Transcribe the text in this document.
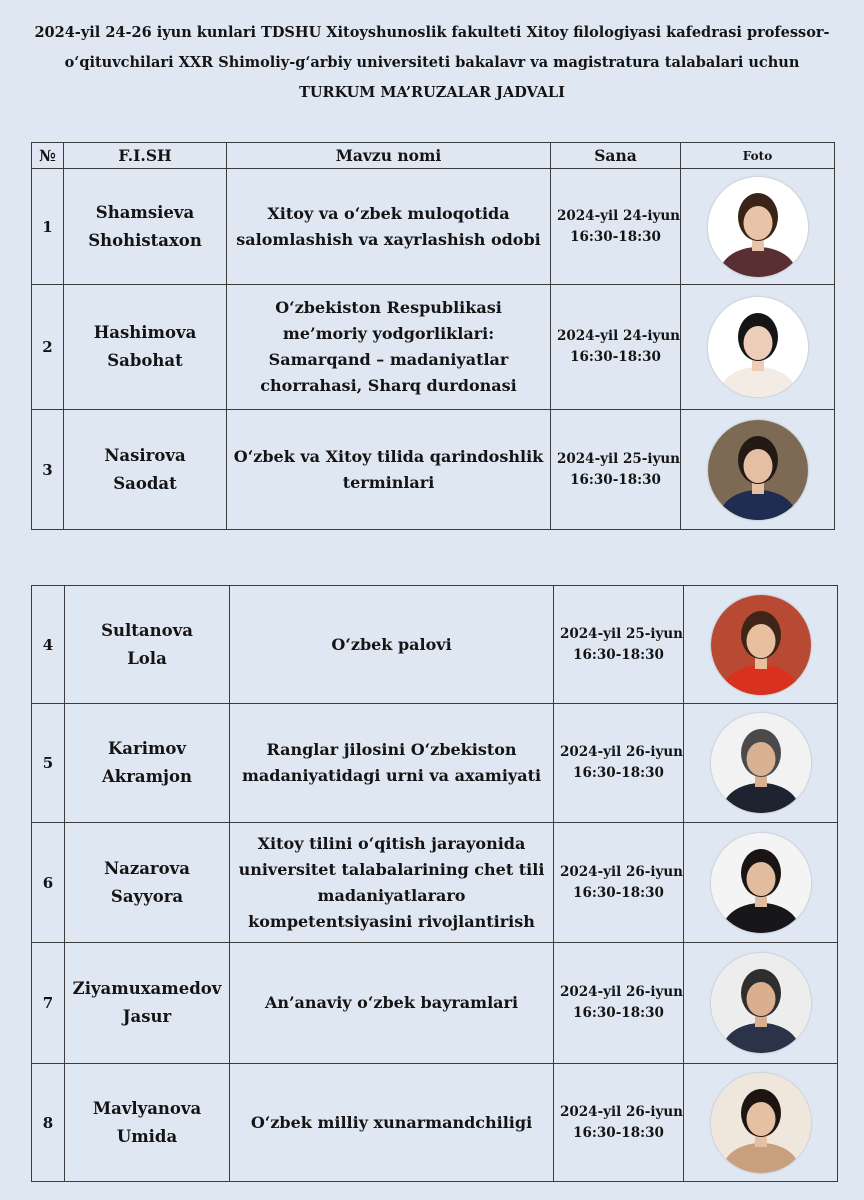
2024-yil 24-26 iyun kunlari TDSHU Xitoyshunoslik fakulteti Xitoy filologiyasi kafedrasi professor-
oʻqituvchilari XXR Shimoliy-gʻarbiy universiteti bakalavr va magistratura talabalari uchun
TURKUM MA’RUZALAR JADVALI
№	F.I.SH	Mavzu nomi	Sana	Foto
1	Shamsieva
Shohistaxon	Xitoy va oʻzbek muloqotida
salomlashish va xayrlashish odobi	2024-yil 24-iyun
16:30-18:30

2	Hashimova
Sabohat	Oʻzbekiston Respublikasi
me’moriy yodgorliklari:
Samarqand – madaniyatlar
chorrahasi, Sharq durdonasi	2024-yil 24-iyun
16:30-18:30

3	Nasirova
Saodat	Oʻzbek va Xitoy tilida qarindoshlik
terminlari	2024-yil 25-iyun
16:30-18:30

4	Sultanova
Lola	Oʻzbek palovi	2024-yil 25-iyun
16:30-18:30

5	Karimov
Akramjon	Ranglar jilosini Oʻzbekiston
madaniyatidagi urni va axamiyati	2024-yil 26-iyun
16:30-18:30

6	Nazarova
Sayyora	Xitoy tilini oʻqitish jarayonida
universitet talabalarining chet tili
madaniyatlararo
kompetentsiyasini rivojlantirish	2024-yil 26-iyun
16:30-18:30

7	Ziyamuxamedov
Jasur	An’anaviy oʻzbek bayramlari	2024-yil 26-iyun
16:30-18:30

8	Mavlyanova
Umida	Oʻzbek milliy xunarmandchiligi	2024-yil 26-iyun
16:30-18:30
